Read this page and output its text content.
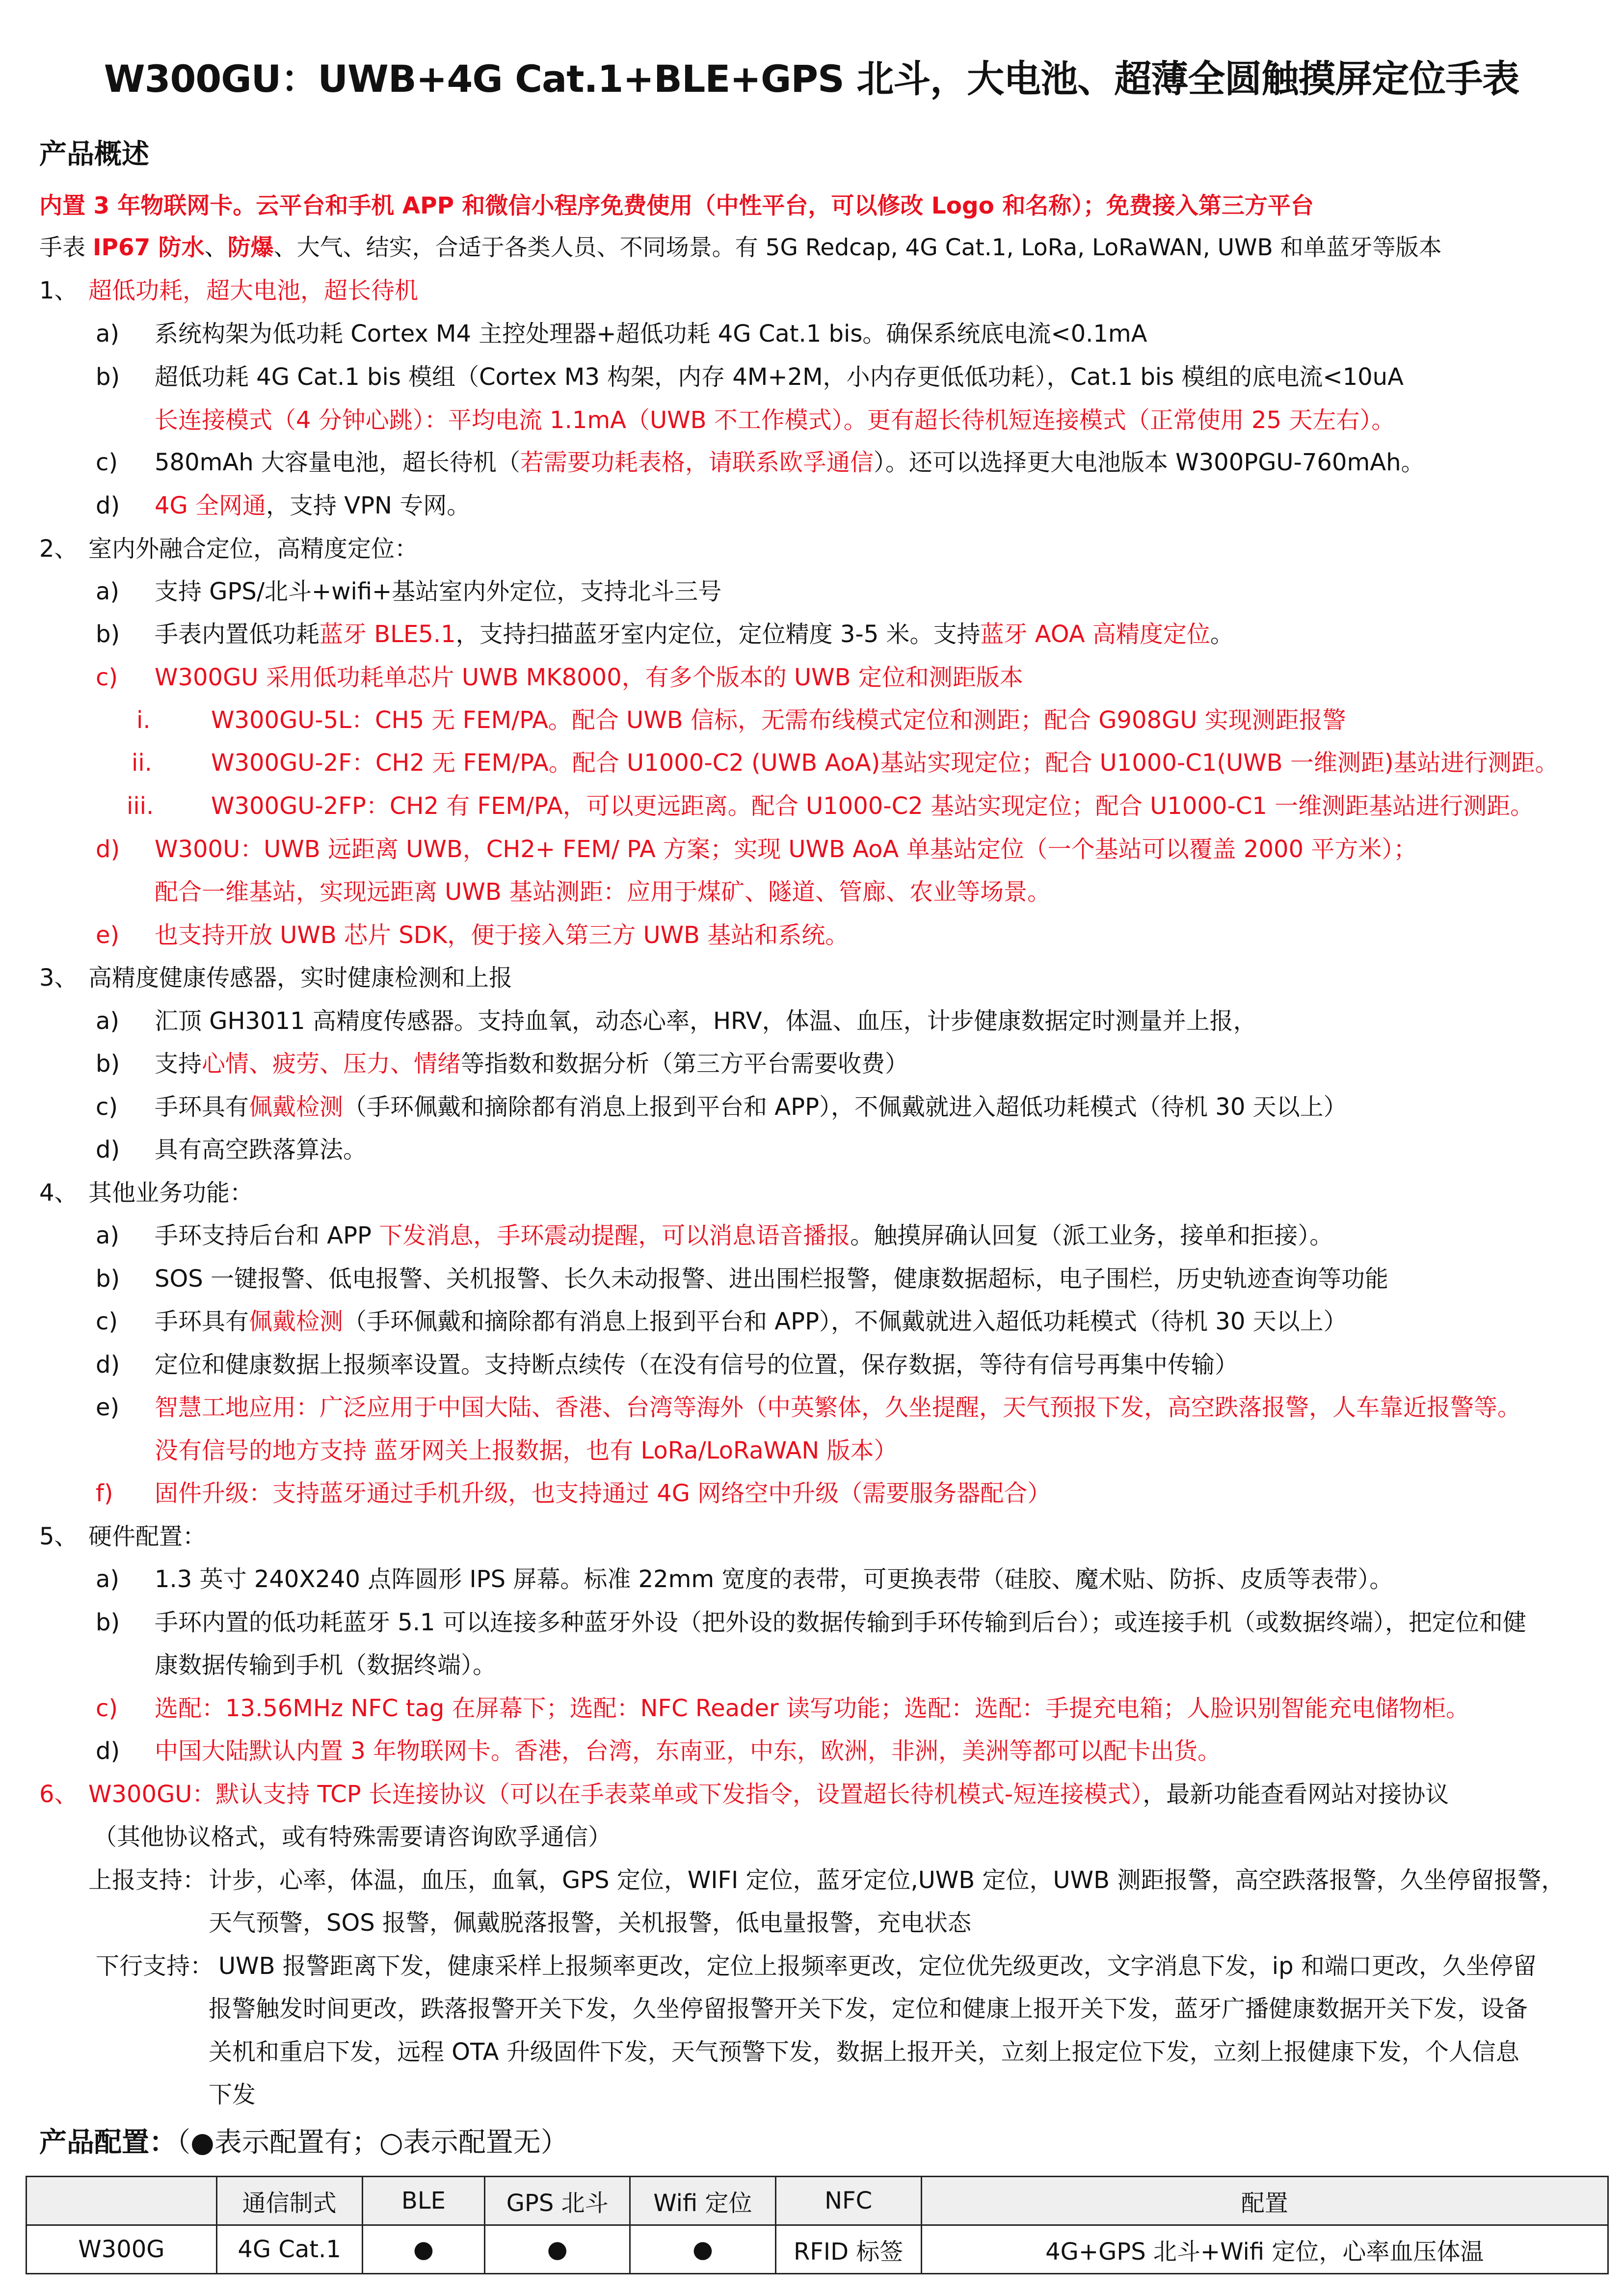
W300GU：UWB+4G Cat.1+BLE+GPS 北斗，大电池、超薄全圆触摸屏定位手表
产品概述
内置 3 年物联网卡。云平台和手机 APP 和微信小程序免费使用（中性平台，可以修改 Logo 和名称）；免费接入第三方平台
手表 IP67 防水、防爆、大气、结实，合适于各类人员、不同场景。有 5G Redcap, 4G Cat.1, LoRa, LoRaWAN, UWB 和单蓝牙等版本
1、 超低功耗，超大电池，超长待机
a) 系统构架为低功耗 Cortex M4 主控处理器+超低功耗 4G Cat.1 bis。确保系统底电流<0.1mA
b) 超低功耗 4G Cat.1 bis 模组（Cortex M3 构架，内存 4M+2M，小内存更低低功耗），Cat.1 bis 模组的底电流<10uA
长连接模式（4 分钟心跳）：平均电流 1.1mA（UWB 不工作模式）。更有超长待机短连接模式（正常使用 25 天左右）。
c) 580mAh 大容量电池，超长待机（若需要功耗表格，请联系欧孚通信）。还可以选择更大电池版本 W300PGU-760mAh。
d) 4G 全网通，支持 VPN 专网。
2、 室内外融合定位，高精度定位：
a) 支持 GPS/北斗+wifi+基站室内外定位，支持北斗三号
b) 手表内置低功耗蓝牙 BLE5.1，支持扫描蓝牙室内定位，定位精度 3-5 米。支持蓝牙 AOA 高精度定位。
c) W300GU 采用低功耗单芯片 UWB MK8000，有多个版本的 UWB 定位和测距版本
i.	W300GU-5L：CH5 无 FEM/PA。配合 UWB 信标，无需布线模式定位和测距；配合 G908GU 实现测距报警
ii.	W300GU-2F：CH2 无 FEM/PA。配合 U1000-C2 (UWB AoA)基站实现定位；配合 U1000-C1(UWB 一维测距)基站进行测距。
iii. W300GU-2FP：CH2 有 FEM/PA，可以更远距离。配合 U1000-C2 基站实现定位；配合 U1000-C1 一维测距基站进行测距。
d) W300U：UWB 远距离 UWB，CH2+ FEM/ PA 方案；实现 UWB AoA 单基站定位（一个基站可以覆盖 2000 平方米）；
配合一维基站，实现远距离 UWB 基站测距：应用于煤矿、隧道、管廊、农业等场景。
e) 也支持开放 UWB 芯片 SDK，便于接入第三方 UWB 基站和系统。
3、 高精度健康传感器，实时健康检测和上报
a) 汇顶 GH3011 高精度传感器。支持血氧，动态心率，HRV，体温、血压，计步健康数据定时测量并上报，
b) 支持心情、疲劳、压力、情绪等指数和数据分析（第三方平台需要收费）
c) 手环具有佩戴检测（手环佩戴和摘除都有消息上报到平台和 APP），不佩戴就进入超低功耗模式（待机 30 天以上）
d) 具有高空跌落算法。
4、 其他业务功能：
a) 手环支持后台和 APP 下发消息，手环震动提醒，可以消息语音播报。触摸屏确认回复（派工业务，接单和拒接）。
b) SOS 一键报警、低电报警、关机报警、长久未动报警、进出围栏报警，健康数据超标，电子围栏，历史轨迹查询等功能
c) 手环具有佩戴检测（手环佩戴和摘除都有消息上报到平台和 APP），不佩戴就进入超低功耗模式（待机 30 天以上）
d) 定位和健康数据上报频率设置。支持断点续传（在没有信号的位置，保存数据，等待有信号再集中传输）
e) 智慧工地应用：广泛应用于中国大陆、香港、台湾等海外（中英繁体，久坐提醒，天气预报下发，高空跌落报警，人车靠近报警等。
没有信号的地方支持 蓝牙网关上报数据，也有 LoRa/LoRaWAN 版本）
f) 固件升级：支持蓝牙通过手机升级，也支持通过 4G 网络空中升级（需要服务器配合）
5、 硬件配置：
a) 1.3 英寸 240X240 点阵圆形 IPS 屏幕。标准 22mm 宽度的表带，可更换表带（硅胶、魔术贴、防拆、皮质等表带）。
b) 手环内置的低功耗蓝牙 5.1 可以连接多种蓝牙外设（把外设的数据传输到手环传输到后台）；或连接手机（或数据终端），把定位和健
康数据传输到手机（数据终端）。
c) 选配：13.56MHz NFC tag 在屏幕下；选配：NFC Reader 读写功能；选配：选配：手提充电箱；人脸识别智能充电储物柜。
d) 中国大陆默认内置 3 年物联网卡。香港，台湾，东南亚，中东，欧洲，非洲，美洲等都可以配卡出货。
6、 W300GU：默认支持 TCP 长连接协议（可以在手表菜单或下发指令，设置超长待机模式-短连接模式），最新功能查看网站对接协议
（其他协议格式，或有特殊需要请咨询欧孚通信）
上报支持： 计步，心率，体温，血压，血氧，GPS 定位，WIFI 定位，蓝牙定位,UWB 定位，UWB 测距报警，高空跌落报警，久坐停留报警，
天气预警，SOS 报警，佩戴脱落报警，关机报警，低电量报警，充电状态
下行支持： UWB 报警距离下发，健康采样上报频率更改，定位上报频率更改，定位优先级更改，文字消息下发，ip 和端口更改，久坐停留
报警触发时间更改，跌落报警开关下发，久坐停留报警开关下发，定位和健康上报开关下发，蓝牙广播健康数据开关下发，设备
关机和重启下发，远程 OTA 升级固件下发，天气预警下发，数据上报开关，立刻上报定位下发，立刻上报健康下发，个人信息
下发
产品配置：（●表示配置有；○表示配置无）
	通信制式	BLE	GPS 北斗	Wifi 定位	NFC	配置
W300G	4G Cat.1	●	●	●	RFID 标签	4G+GPS 北斗+Wifi 定位，心率血压体温
